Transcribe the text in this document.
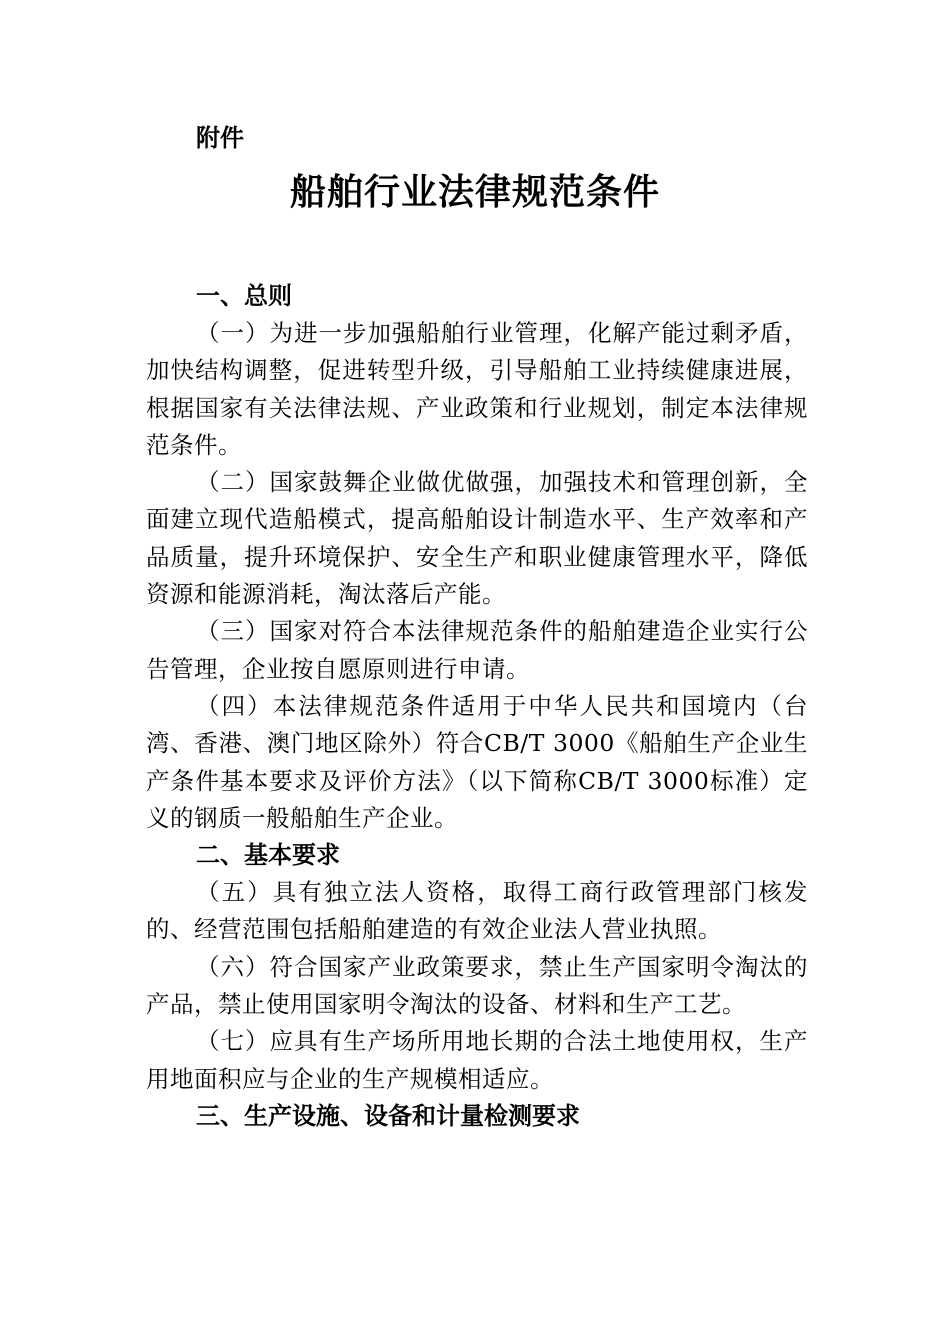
附件
船舶行业法律规范条件

一、总则

（一）为进一步加强船舶行业管理，化解产能过剩矛盾，加快结构调整，促进转型升级，引导船舶工业持续健康进展，根据国家有关法律法规、产业政策和行业规划，制定本法律规范条件。

（二）国家鼓舞企业做优做强，加强技术和管理创新，全面建立现代造船模式，提高船舶设计制造水平、生产效率和产品质量，提升环境保护、安全生产和职业健康管理水平，降低资源和能源消耗，淘汰落后产能。

（三）国家对符合本法律规范条件的船舶建造企业实行公告管理，企业按自愿原则进行申请。

（四）本法律规范条件适用于中华人民共和国境内（台湾、香港、澳门地区除外）符合CB/T 3000《船舶生产企业生产条件基本要求及评价方法》（以下简称CB/T 3000标准）定义的钢质一般船舶生产企业。

二、基本要求

（五）具有独立法人资格，取得工商行政管理部门核发的、经营范围包括船舶建造的有效企业法人营业执照。

（六）符合国家产业政策要求，禁止生产国家明令淘汰的产品，禁止使用国家明令淘汰的设备、材料和生产工艺。

（七）应具有生产场所用地长期的合法土地使用权，生产用地面积应与企业的生产规模相适应。

三、生产设施、设备和计量检测要求
